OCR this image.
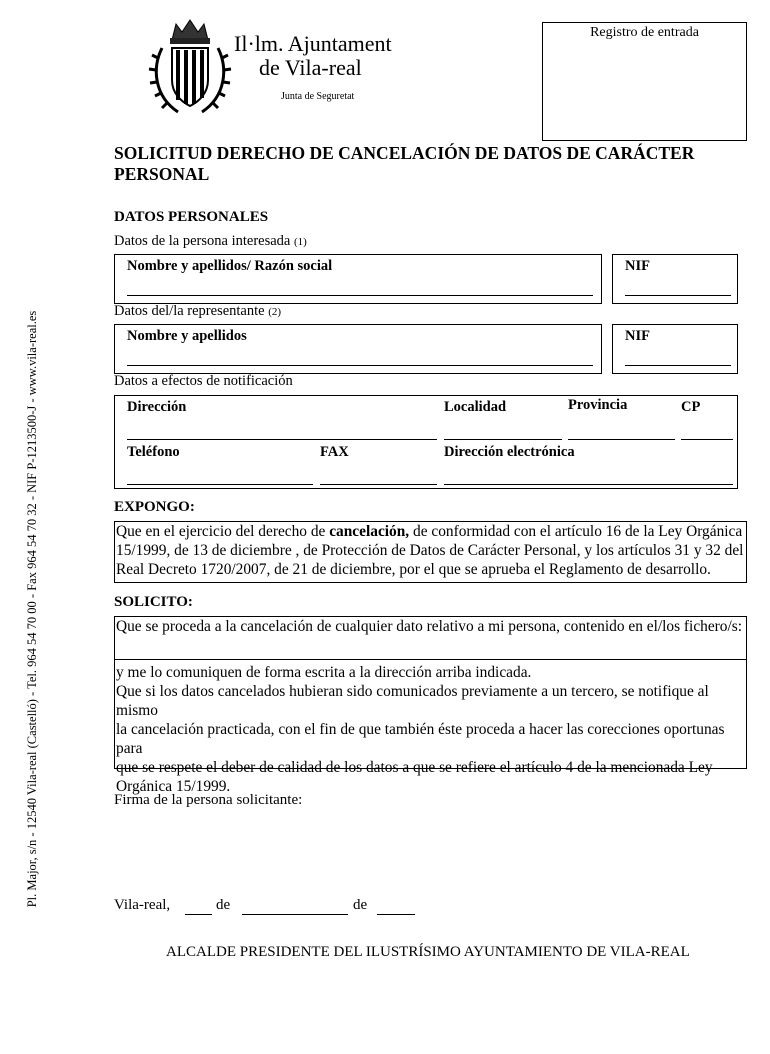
Il·lm. Ajuntament
de Vila-real
Junta de Seguretat
Registro de entrada
Pl. Major, s/n - 12540 Vila-real (Castelló) - Tel. 964 54 70 00 - Fax 964 54 70 32 - NIF P-1213500-J - www.vila-real.es
SOLICITUD DERECHO DE CANCELACIÓN DE DATOS DE CARÁCTER
PERSONAL
DATOS PERSONALES
Datos de la persona interesada (1)
Nombre y apellidos/ Razón social	NIF
Datos del/la representante (2)
Nombre y apellidos	NIF
Datos a efectos de notificación
Dirección	Localidad	Provincia	CP
Teléfono	FAX	Dirección electrónica
EXPONGO:
Que en el ejercicio del derecho de cancelación, de conformidad con el artículo 16 de la Ley Orgánica
15/1999, de 13 de diciembre , de Protección de Datos de Carácter Personal, y los artículos 31 y 32 del
Real Decreto 1720/2007, de 21 de diciembre, por el que se aprueba el Reglamento de desarrollo.
SOLICITO:
Que se proceda a la cancelación de cualquier dato relativo a mi persona, contenido en el/los fichero/s:
y me lo comuniquen de forma escrita a la dirección arriba indicada.
Que si los datos cancelados hubieran sido comunicados previamente a un tercero, se notifique al mismo
la cancelación practicada, con el fin de que también éste proceda a hacer las corecciones oportunas para
que se respete el deber de calidad de los datos a que se refiere el artículo 4 de la mencionada Ley
Orgánica 15/1999.
Firma de la persona solicitante:
Vila-real,	de	de
ALCALDE PRESIDENTE DEL ILUSTRÍSIMO AYUNTAMIENTO DE VILA-REAL
